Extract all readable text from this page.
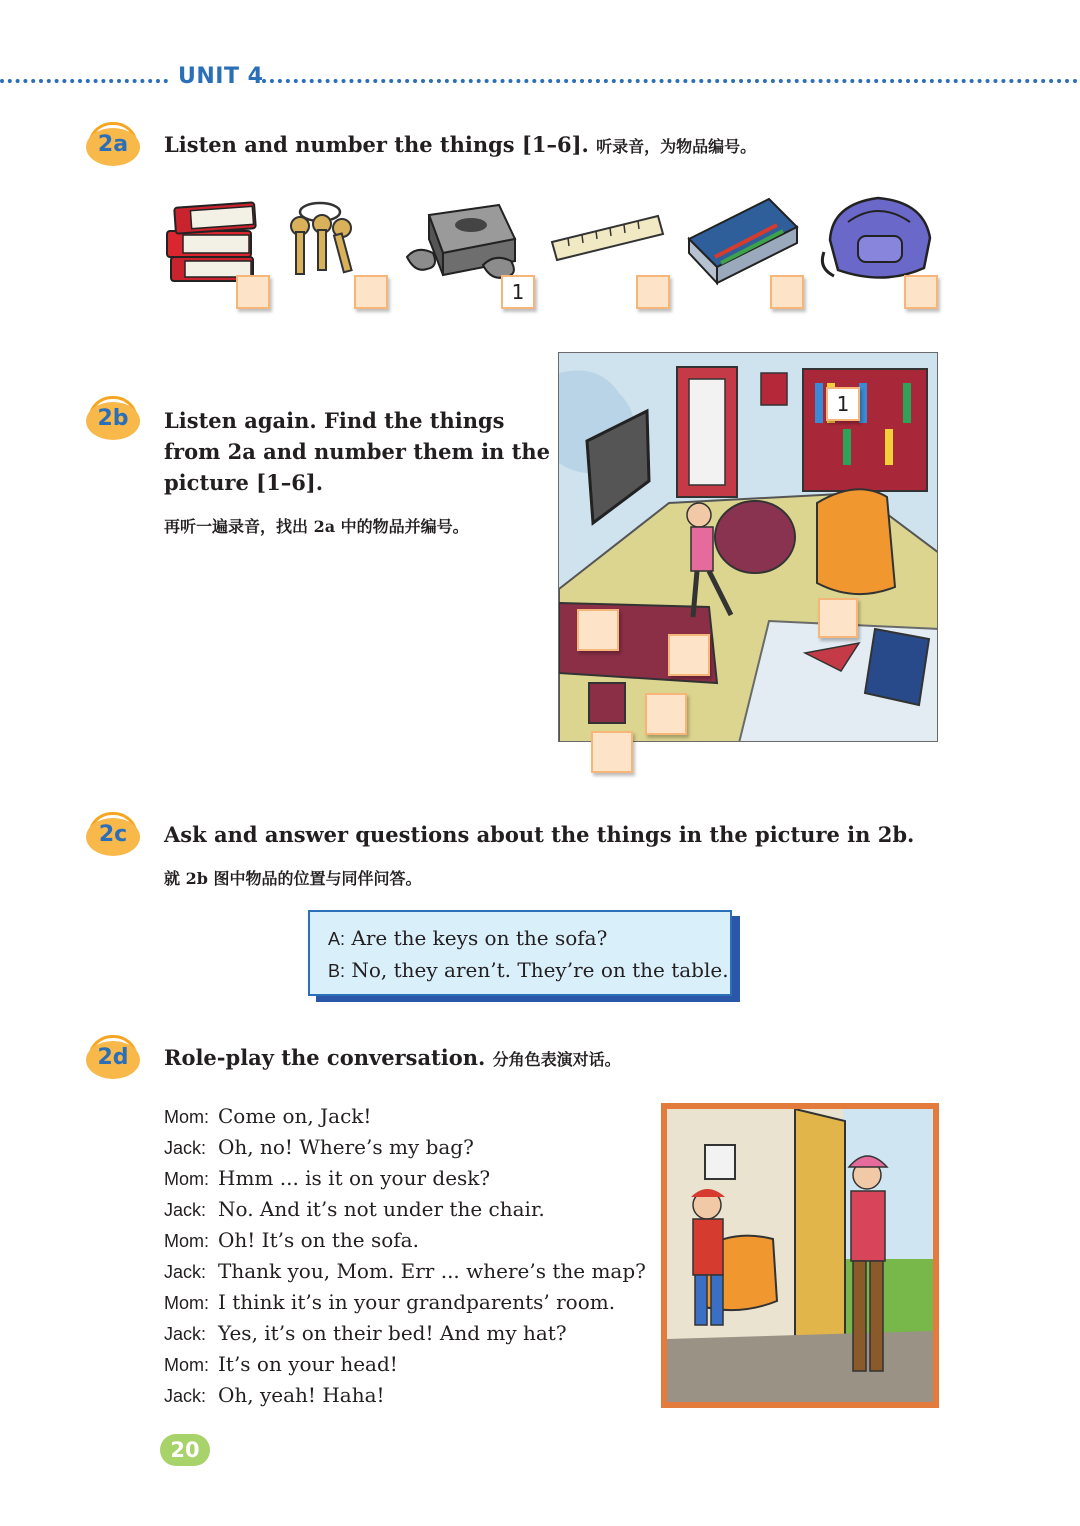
UNIT 4
2a	Listen and number the things [1–6]. 听录音，为物品编号。
1
2b	Listen again. Find the things
from 2a and number them in the
picture [1–6].
再听一遍录音，找出 2a 中的物品并编号。
1
2c	Ask and answer questions about the things in the picture in 2b.
就 2b 图中物品的位置与同伴问答。
A: Are the keys on the sofa?
B: No, they aren’t. They’re on the table.
2d	Role-play the conversation. 分角色表演对话。
Mom: Come on, Jack!
Jack: Oh, no! Where’s my bag?
Mom: Hmm ... is it on your desk?
Jack: No. And it’s not under the chair.
Mom: Oh! It’s on the sofa.
Jack: Thank you, Mom. Err ... where’s the map?
Mom: I think it’s in your grandparents’ room.
Jack: Yes, it’s on their bed! And my hat?
Mom: It’s on your head!
Jack: Oh, yeah! Haha!
20
